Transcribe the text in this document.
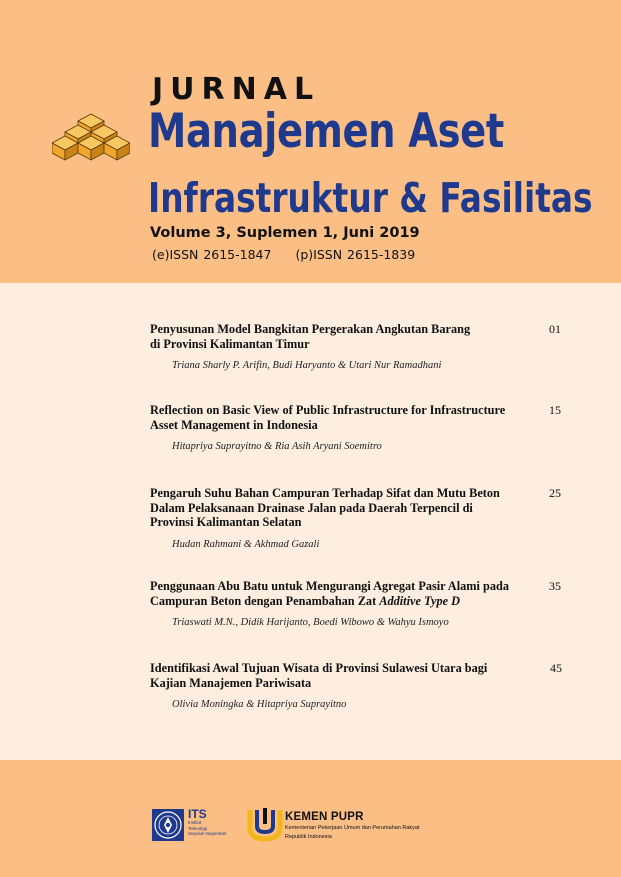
JURNAL
Manajemen Aset
Infrastruktur & Fasilitas
Volume 3, Suplemen 1, Juni 2019
(e)ISSN 2615-1847 (p)ISSN 2615-1839
Penyusunan Model Bangkitan Pergerakan Angkutan Barang
di Provinsi Kalimantan Timur
Triana Sharly P. Arifin, Budi Haryanto & Utari Nur Ramadhani
01
Reflection on Basic View of Public Infrastructure for Infrastructure
Asset Management in Indonesia
Hitapriya Suprayitno & Ria Asih Aryani Soemitro
15
Pengaruh Suhu Bahan Campuran Terhadap Sifat dan Mutu Beton
Dalam Pelaksanaan Drainase Jalan pada Daerah Terpencil di
Provinsi Kalimantan Selatan
Hudan Rahmani & Akhmad Gazali
25
Penggunaan Abu Batu untuk Mengurangi Agregat Pasir Alami pada
Campuran Beton dengan Penambahan Zat Additive Type D
Triaswati M.N., Didik Harijanto, Boedi Wibowo & Wahyu Ismoyo
35
Identifikasi Awal Tujuan Wisata di Provinsi Sulawesi Utara bagi
Kajian Manajemen Pariwisata
Olivia Moningka & Hitapriya Suprayitno
45
ITS
Institut
Teknologi
Sepuluh Nopember
KEMEN PUPR
Kementerian Pekerjaan Umum dan Perumahan Rakyat
Republik Indonesia
